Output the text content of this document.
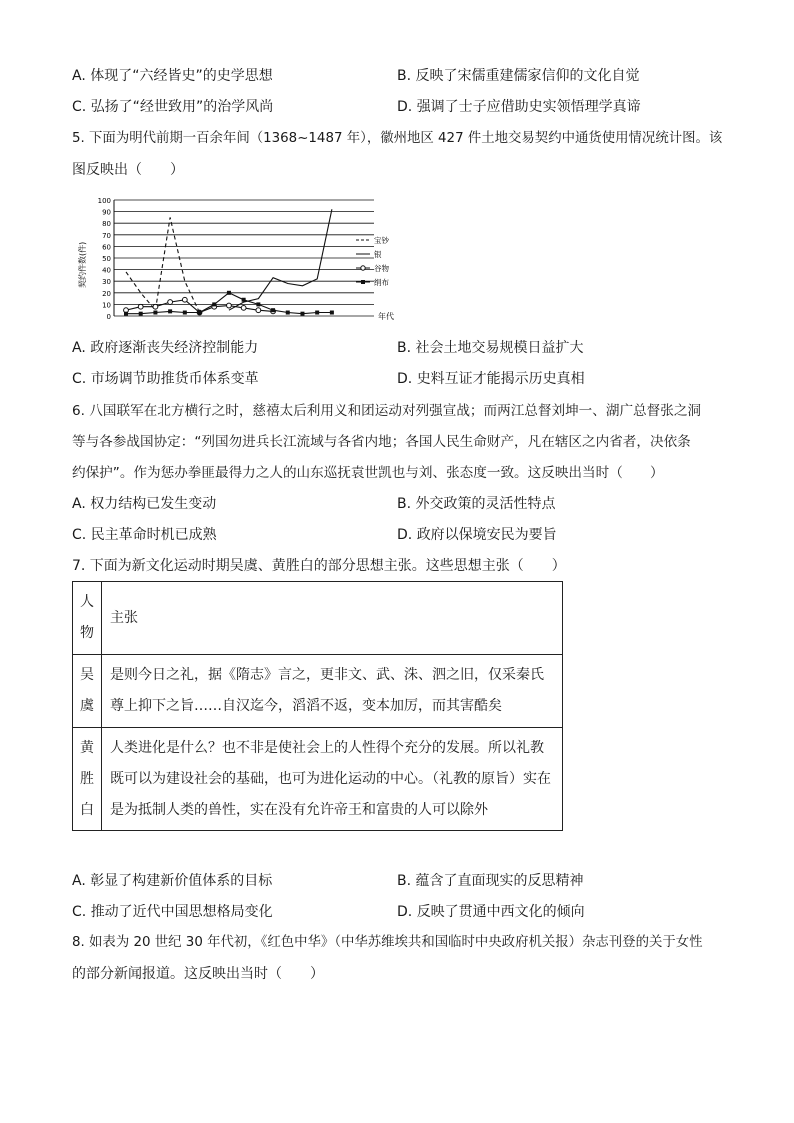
A. 体现了“六经皆史”的史学思想	B. 反映了宋儒重建儒家信仰的文化自觉
C. 弘扬了“经世致用”的治学风尚	D. 强调了士子应借助史实领悟理学真谛
5. 下面为明代前期一百余年间（1368~1487 年），徽州地区 427 件土地交易契约中通货使用情况统计图。该
图反映出（　　）
100
90
80
70
60
50
40
30
20
10
0
宝钞
银
谷物
绢布
契约件数(件)
年代
A. 政府逐渐丧失经济控制能力	B. 社会土地交易规模日益扩大
C. 市场调节助推货币体系变革	D. 史料互证才能揭示历史真相
6. 八国联军在北方横行之时，慈禧太后利用义和团运动对列强宣战；而两江总督刘坤一、湖广总督张之洞
等与各参战国协定：“列国勿进兵长江流域与各省内地；各国人民生命财产，凡在辖区之内省者，决依条
约保护”。作为惩办拳匪最得力之人的山东巡抚袁世凯也与刘、张态度一致。这反映出当时（　　）
A. 权力结构已发生变动	B. 外交政策的灵活性特点
C. 民主革命时机已成熟	D. 政府以保境安民为要旨
7. 下面为新文化运动时期吴虞、黄胜白的部分思想主张。这些思想主张（　　）
人
物	主张

吴
虞	是则今日之礼，据《隋志》言之，更非文、武、洙、泗之旧，仅采秦氏尊上抑下之旨……自汉迄今，滔滔不返，变本加厉，而其害酷矣

黄
胜
白	人类进化是什么？也不非是使社会上的人性得个充分的发展。所以礼教既可以为建设社会的基础，也可为进化运动的中心。（礼教的原旨）实在是为抵制人类的兽性，实在没有允许帝王和富贵的人可以除外
A. 彰显了构建新价值体系的目标	B. 蕴含了直面现实的反思精神
C. 推动了近代中国思想格局变化	D. 反映了贯通中西文化的倾向
8. 如表为 20 世纪 30 年代初，《红色中华》（中华苏维埃共和国临时中央政府机关报）杂志刊登的关于女性
的部分新闻报道。这反映出当时（　　）
